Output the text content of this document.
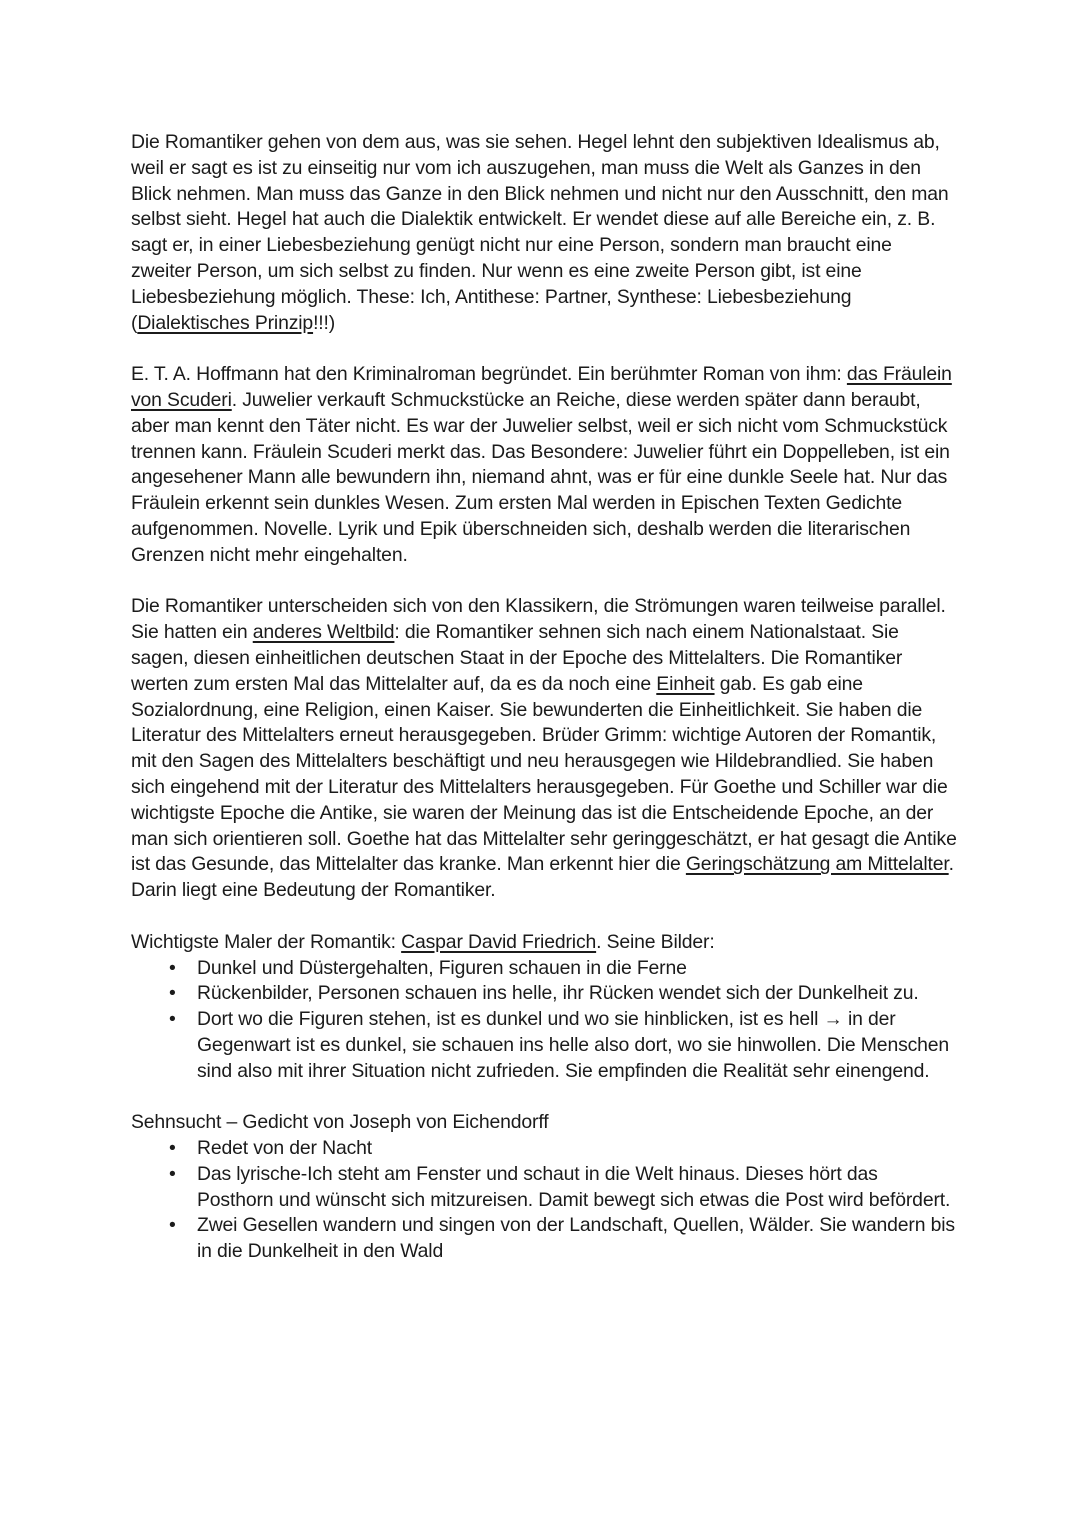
Die Romantiker gehen von dem aus, was sie sehen. Hegel lehnt den subjektiven Idealismus ab, weil er sagt es ist zu einseitig nur vom ich auszugehen, man muss die Welt als Ganzes in den Blick nehmen. Man muss das Ganze in den Blick nehmen und nicht nur den Ausschnitt, den man selbst sieht. Hegel hat auch die Dialektik entwickelt. Er wendet diese auf alle Bereiche ein, z. B. sagt er, in einer Liebesbeziehung genügt nicht nur eine Person, sondern man braucht eine zweiter Person, um sich selbst zu finden. Nur wenn es eine zweite Person gibt, ist eine Liebesbeziehung möglich. These: Ich, Antithese: Partner, Synthese: Liebesbeziehung (Dialektisches Prinzip!!!)

E. T. A. Hoffmann hat den Kriminalroman begründet. Ein berühmter Roman von ihm: das Fräulein von Scuderi. Juwelier verkauft Schmuckstücke an Reiche, diese werden später dann beraubt, aber man kennt den Täter nicht. Es war der Juwelier selbst, weil er sich nicht vom Schmuckstück trennen kann. Fräulein Scuderi merkt das. Das Besondere: Juwelier führt ein Doppelleben, ist ein angesehener Mann alle bewundern ihn, niemand ahnt, was er für eine dunkle Seele hat. Nur das Fräulein erkennt sein dunkles Wesen. Zum ersten Mal werden in Epischen Texten Gedichte aufgenommen. Novelle. Lyrik und Epik überschneiden sich, deshalb werden die literarischen Grenzen nicht mehr eingehalten.

Die Romantiker unterscheiden sich von den Klassikern, die Strömungen waren teilweise parallel. Sie hatten ein anderes Weltbild: die Romantiker sehnen sich nach einem Nationalstaat. Sie sagen, diesen einheitlichen deutschen Staat in der Epoche des Mittelalters. Die Romantiker werten zum ersten Mal das Mittelalter auf, da es da noch eine Einheit gab. Es gab eine Sozialordnung, eine Religion, einen Kaiser. Sie bewunderten die Einheitlichkeit. Sie haben die Literatur des Mittelalters erneut herausgegeben. Brüder Grimm: wichtige Autoren der Romantik, mit den Sagen des Mittelalters beschäftigt und neu herausgegen wie Hildebrandlied. Sie haben sich eingehend mit der Literatur des Mittelalters herausgegeben. Für Goethe und Schiller war die wichtigste Epoche die Antike, sie waren der Meinung das ist die Entscheidende Epoche, an der man sich orientieren soll. Goethe hat das Mittelalter sehr geringgeschätzt, er hat gesagt die Antike ist das Gesunde, das Mittelalter das kranke. Man erkennt hier die Geringschätzung am Mittelalter. Darin liegt eine Bedeutung der Romantiker.

Wichtigste Maler der Romantik: Caspar David Friedrich. Seine Bilder:

• Dunkel und Düstergehalten, Figuren schauen in die Ferne
• Rückenbilder, Personen schauen ins helle, ihr Rücken wendet sich der Dunkelheit zu.
• Dort wo die Figuren stehen, ist es dunkel und wo sie hinblicken, ist es hell → in der Gegenwart ist es dunkel, sie schauen ins helle also dort, wo sie hinwollen. Die Menschen sind also mit ihrer Situation nicht zufrieden. Sie empfinden die Realität sehr einengend.

Sehnsucht – Gedicht von Joseph von Eichendorff

• Redet von der Nacht
• Das lyrische-Ich steht am Fenster und schaut in die Welt hinaus. Dieses hört das Posthorn und wünscht sich mitzureisen. Damit bewegt sich etwas die Post wird befördert.
• Zwei Gesellen wandern und singen von der Landschaft, Quellen, Wälder. Sie wandern bis in die Dunkelheit in den Wald
